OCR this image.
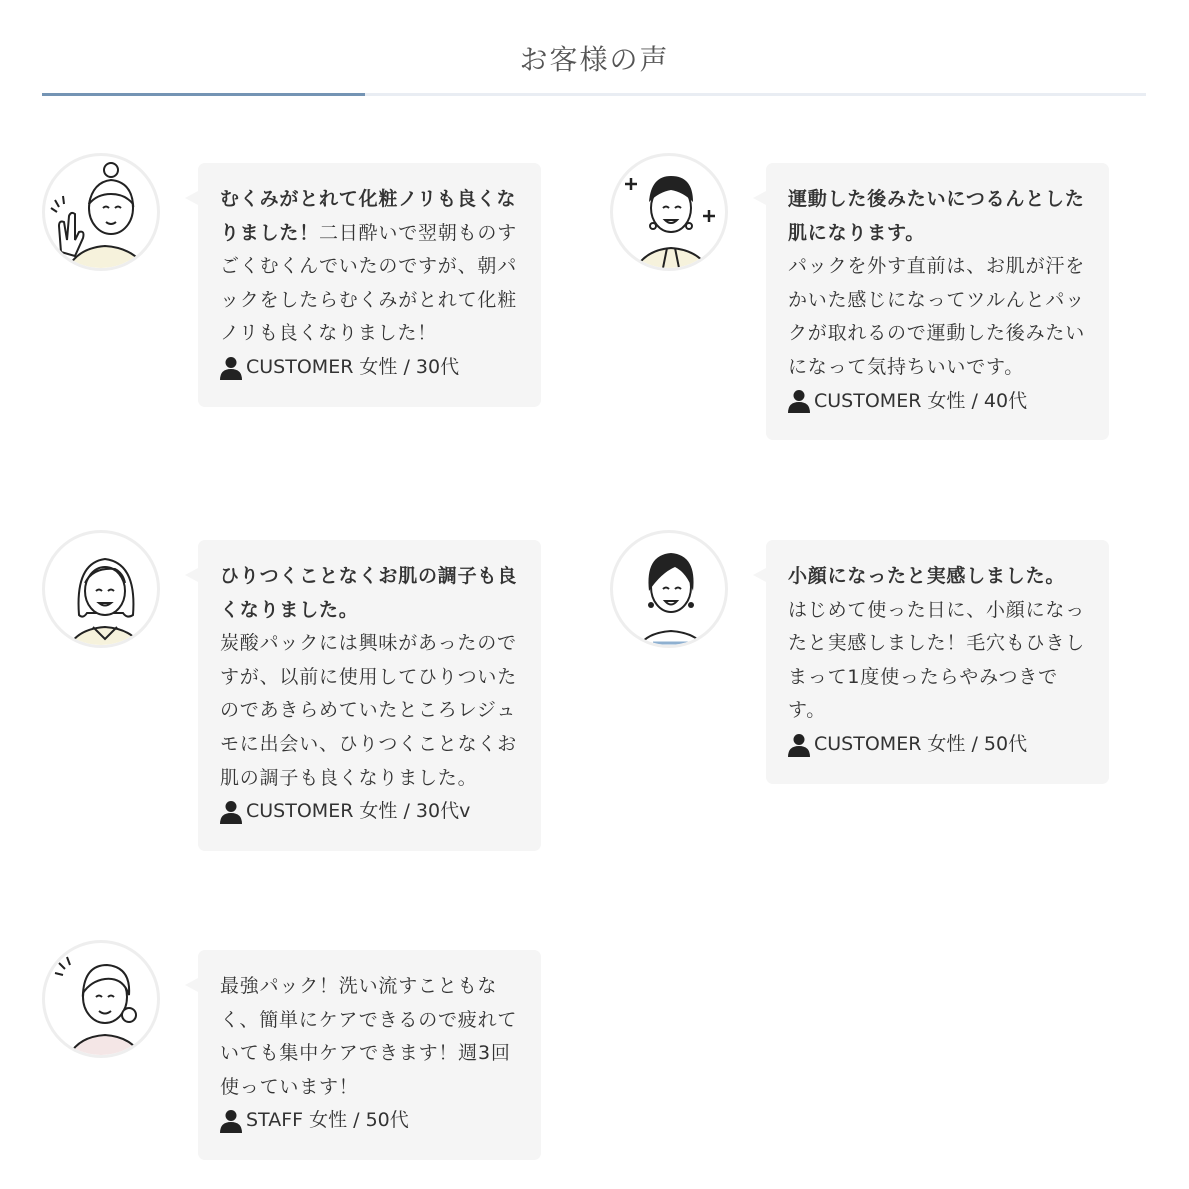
お客様の声

むくみがとれて化粧ノリも良くなりました！二日酔いで翌朝ものすごくむくんでいたのですが、朝パックをしたらむくみがとれて化粧ノリも良くなりました！

CUSTOMER 女性 / 30代

運動した後みたいにつるんとした肌になります。
パックを外す直前は、お肌が汗をかいた感じになってツルんとパックが取れるので運動した後みたいになって気持ちいいです。

CUSTOMER 女性 / 40代

ひりつくことなくお肌の調子も良くなりました。
炭酸パックには興味があったのですが、以前に使用してひりついたのであきらめていたところレジュモに出会い、ひりつくことなくお肌の調子も良くなりました。

CUSTOMER 女性 / 30代v

小顔になったと実感しました。
はじめて使った日に、小顔になったと実感しました！毛穴もひきしまって1度使ったらやみつきです。

CUSTOMER 女性 / 50代

最強パック！洗い流すこともなく、簡単にケアできるので疲れていても集中ケアできます！週3回使っています！

STAFF 女性 / 50代
